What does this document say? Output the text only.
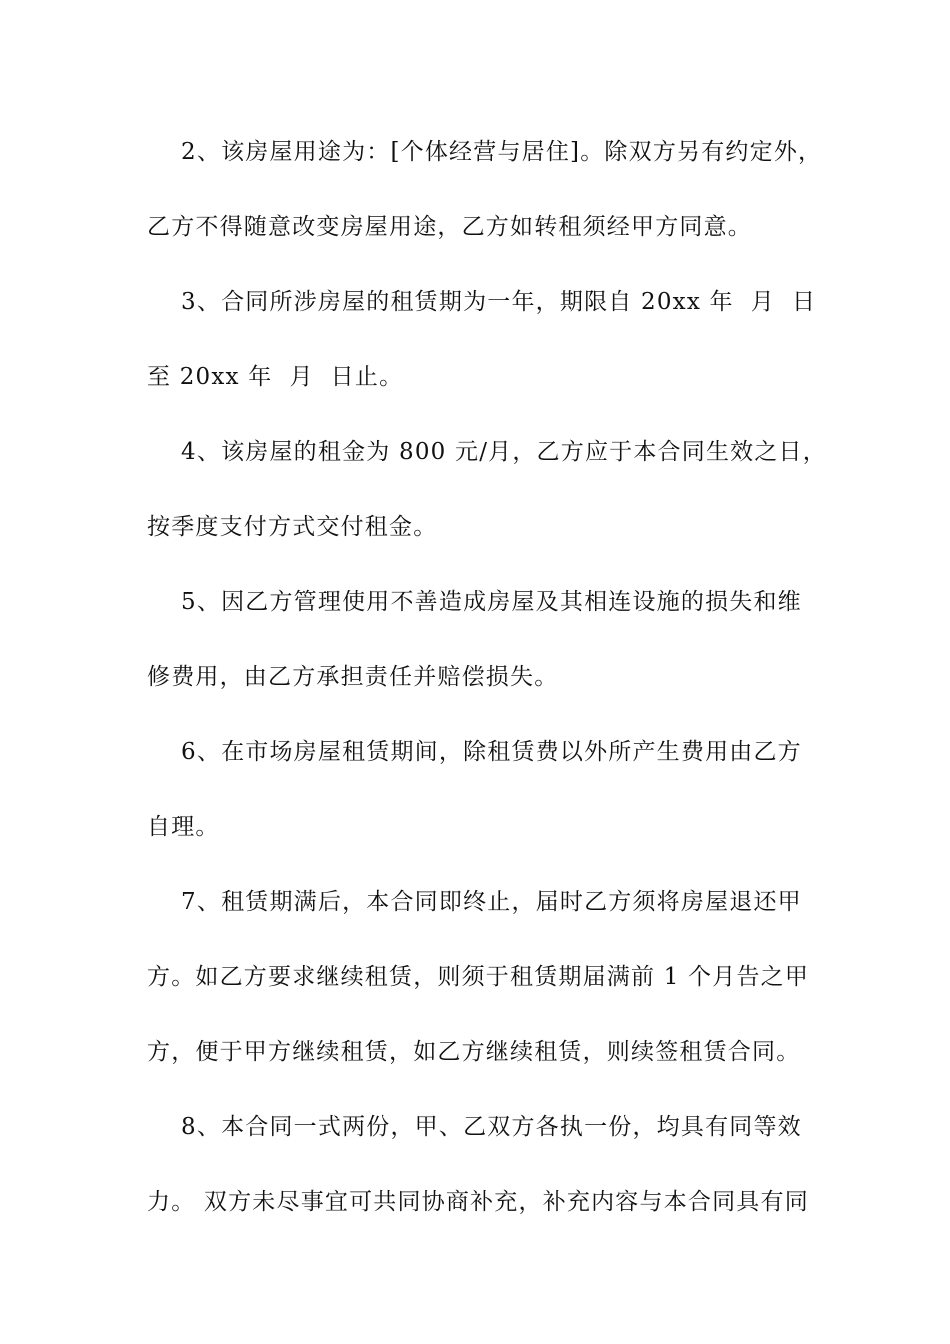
2、该房屋用途为：[个体经营与居住]。除双方另有约定外，
乙方不得随意改变房屋用途，乙方如转租须经甲方同意。
3、合同所涉房屋的租赁期为一年，期限自 20xx 年  月  日
至 20xx 年  月  日止。
4、该房屋的租金为 800 元/月，乙方应于本合同生效之日，
按季度支付方式交付租金。
5、因乙方管理使用不善造成房屋及其相连设施的损失和维
修费用，由乙方承担责任并赔偿损失。
6、在市场房屋租赁期间，除租赁费以外所产生费用由乙方
自理。
7、租赁期满后，本合同即终止，届时乙方须将房屋退还甲
方。如乙方要求继续租赁，则须于租赁期届满前 1 个月告之甲
方，便于甲方继续租赁，如乙方继续租赁，则续签租赁合同。
8、本合同一式两份，甲、乙双方各执一份，均具有同等效
力。 双方未尽事宜可共同协商补充，补充内容与本合同具有同
